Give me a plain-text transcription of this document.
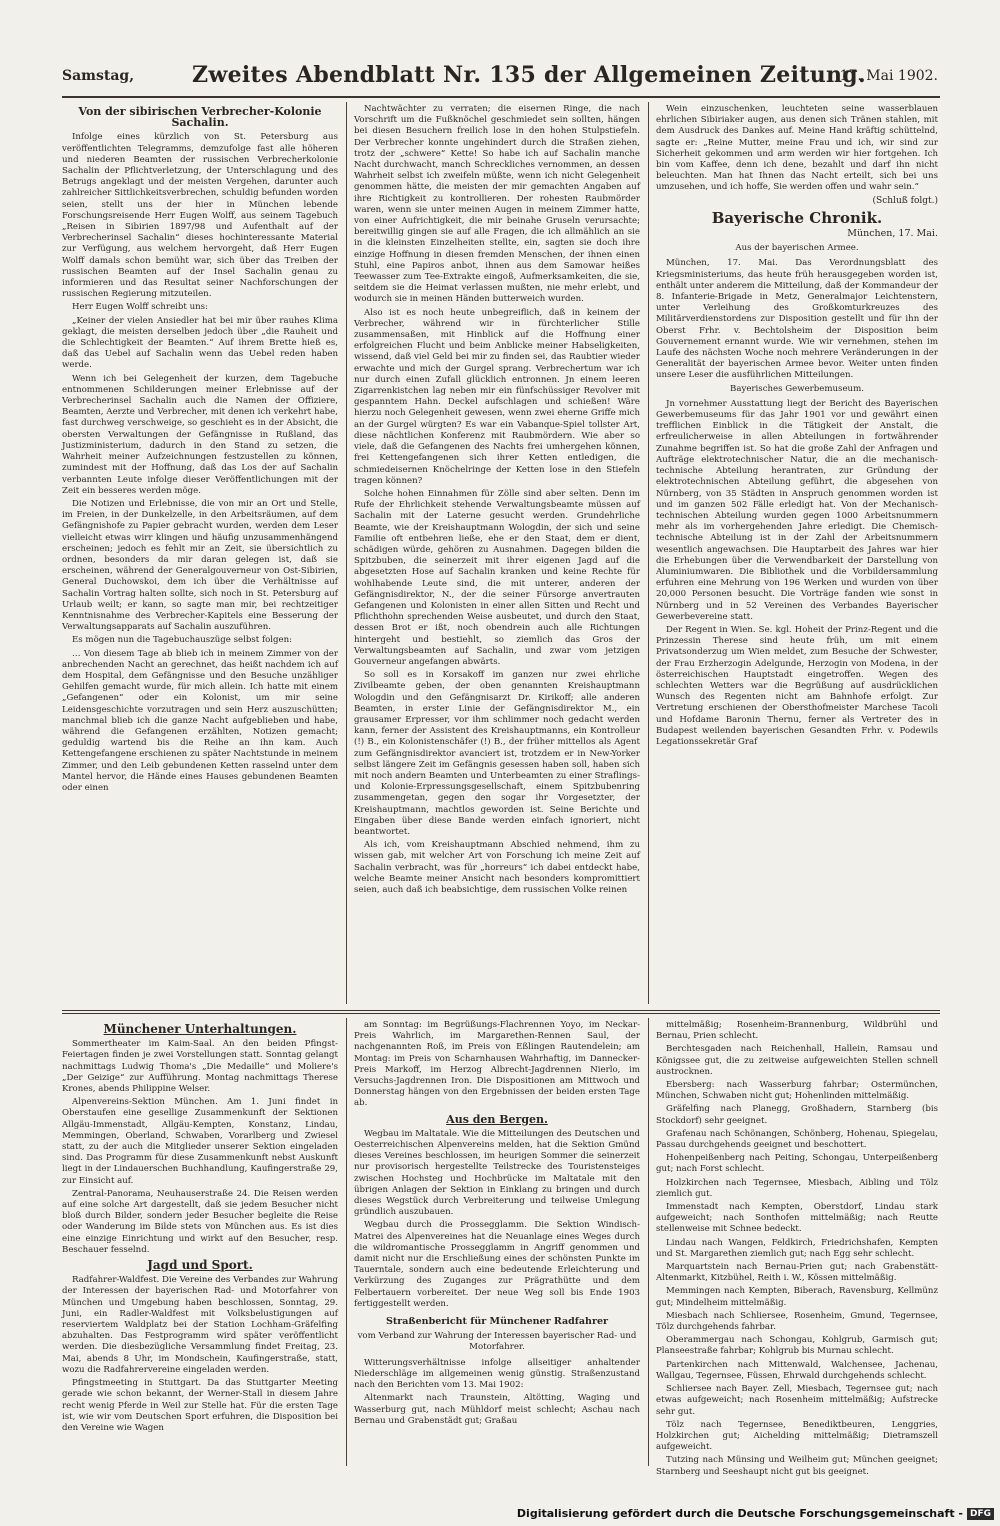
Samstag,	Zweites Abendblatt Nr. 135 der Allgemeinen Zeitung.
17. Mai 1902.
Von der sibirischen Verbrecher-Kolonie Sachalin.

Infolge eines kürzlich von St. Petersburg aus veröffentlichten Telegramms, demzufolge fast alle höheren und niederen Beamten der russischen Verbrecherkolonie Sachalin der Pflichtverletzung, der Unterschlagung und des Betrugs angeklagt und der meisten Vergehen, darunter auch zahlreicher Sittlichkeitsverbrechen, schuldig befunden worden seien, stellt uns der hier in München lebende Forschungsreisende Herr Eugen Wolff, aus seinem Tagebuch „Reisen in Sibirien 1897/98 und Aufenthalt auf der Verbrecherinsel Sachalin“ dieses hochinteressante Material zur Verfügung, aus welchem hervorgeht, daß Herr Eugen Wolff damals schon bemüht war, sich über das Treiben der russischen Beamten auf der Insel Sachalin genau zu informieren und das Resultat seiner Nachforschungen der russischen Regierung mitzuteilen.

Herr Eugen Wolff schreibt uns:

„Keiner der vielen Ansiedler hat bei mir über rauhes Klima geklagt, die meisten derselben jedoch über „die Rauheit und die Schlechtigkeit der Beamten.“ Auf ihrem Brette hieß es, daß das Uebel auf Sachalin wenn das Uebel reden haben werde.

Wenn ich bei Gelegenheit der kurzen, dem Tagebuche entnommenen Schilderungen meiner Erlebnisse auf der Verbrecherinsel Sachalin auch die Namen der Offiziere, Beamten, Aerzte und Verbrecher, mit denen ich verkehrt habe, fast durchweg verschweige, so geschieht es in der Absicht, die obersten Verwaltungen der Gefängnisse in Rußland, das Justizministerium, dadurch in den Stand zu setzen, die Wahrheit meiner Aufzeichnungen festzustellen zu können, zumindest mit der Hoffnung, daß das Los der auf Sachalin verbannten Leute infolge dieser Veröffentlichungen mit der Zeit ein besseres werden möge.

Die Notizen und Erlebnisse, die von mir an Ort und Stelle, im Freien, in der Dunkelzelle, in den Arbeitsräumen, auf dem Gefängnishofe zu Papier gebracht wurden, werden dem Leser vielleicht etwas wirr klingen und häufig unzusammenhängend erscheinen; jedoch es fehlt mir an Zeit, sie übersichtlich zu ordnen, besonders da mir daran gelegen ist, daß sie erscheinen, während der Generalgouverneur von Ost-Sibirien, General Duchowskoi, dem ich über die Verhältnisse auf Sachalin Vortrag halten sollte, sich noch in St. Petersburg auf Urlaub weilt; er kann, so sagte man mir, bei rechtzeitiger Kenntnisnahme des Verbrecher-Kapitels eine Besserung der Verwaltungsapparats auf Sachalin auszuführen.

Es mögen nun die Tagebuchauszüge selbst folgen:

… Von diesem Tage ab blieb ich in meinem Zimmer von der anbrechenden Nacht an gerechnet, das heißt nachdem ich auf dem Hospital, dem Gefängnisse und den Besuche unzähliger Gehilfen gemacht wurde, für mich allein. Ich hatte mit einem „Gefangenen“ oder ein Kolonist, um mir seine Leidensgeschichte vorzutragen und sein Herz auszuschütten; manchmal blieb ich die ganze Nacht aufgeblieben und habe, während die Gefangenen erzählten, Notizen gemacht; geduldig wartend bis die Reihe an ihn kam. Auch Kettengefangene erschienen zu später Nachtstunde in meinem Zimmer, und den Leib gebundenen Ketten rasselnd unter dem Mantel hervor, die Hände eines Hauses gebundenen Beamten oder einen

Nachtwächter zu verraten; die eisernen Ringe, die nach Vorschrift um die Fußknöchel geschmiedet sein sollten, hängen bei diesen Besuchern freilich lose in den hohen Stulpstiefeln. Der Verbrecher konnte ungehindert durch die Straßen ziehen, trotz der „schwere“ Kette! So habe ich auf Sachalin manche Nacht durchwacht, manch Schreckliches vernommen, an dessen Wahrheit selbst ich zweifeln müßte, wenn ich nicht Gelegenheit genommen hätte, die meisten der mir gemachten Angaben auf ihre Richtigkeit zu kontrollieren. Der rohesten Raubmörder waren, wenn sie unter meinen Augen in meinem Zimmer hatte, von einer Aufrichtigkeit, die mir beinahe Gruseln verursachte; bereitwillig gingen sie auf alle Fragen, die ich allmählich an sie in die kleinsten Einzelheiten stellte, ein, sagten sie doch ihre einzige Hoffnung in diesen fremden Menschen, der ihnen einen Stuhl, eine Papiros anbot, ihnen aus dem Samowar heißes Teewasser zum Tee-Extrakte eingoß, Aufmerksamkeiten, die sie, seitdem sie die Heimat verlassen mußten, nie mehr erlebt, und wodurch sie in meinen Händen butterweich wurden.

Also ist es noch heute unbegreiflich, daß in keinem der Verbrecher, während wir in fürchterlicher Stille zusammensaßen, mit Hinblick auf die Hoffnung einer erfolgreichen Flucht und beim Anblicke meiner Habseligkeiten, wissend, daß viel Geld bei mir zu finden sei, das Raubtier wieder erwachte und mich der Gurgel sprang. Verbrechertum war ich nur durch einen Zufall glücklich entronnen. Jn einem leeren Zigarrenkistchen lag neben mir ein fünfschüssiger Revolver mit gespanntem Hahn. Deckel aufschlagen und schießen! Wäre hierzu noch Gelegenheit gewesen, wenn zwei eherne Griffe mich an der Gurgel würgten? Es war ein Vabanque-Spiel tollster Art, diese nächtlichen Konferenz mit Raubmördern. Wie aber so viele, daß die Gefangenen des Nachts frei umhergehen können, frei Kettengefangenen sich ihrer Ketten entledigen, die schmiedeisernen Knöchelringe der Ketten lose in den Stiefeln tragen können?

Solche hohen Einnahmen für Zölle sind aber selten. Denn im Rufe der Ehrlichkeit stehende Verwaltungsbeamte müssen auf Sachalin mit der Laterne gesucht werden. Grundehrliche Beamte, wie der Kreishauptmann Wologdin, der sich und seine Familie oft entbehren ließe, ehe er den Staat, dem er dient, schädigen würde, gehören zu Ausnahmen. Dagegen bilden die Spitzbuben, die seinerzeit mit ihrer eigenen Jagd auf die abgesetzten Hose auf Sachalin kranken und keine Rechte für wohlhabende Leute sind, die mit unterer, anderen der Gefängnisdirektor, N., der die seiner Fürsorge anvertrauten Gefangenen und Kolonisten in einer allen Sitten und Recht und Pflichthohn sprechenden Weise ausbeutet, und durch den Staat, dessen Brot er ißt, noch obendrein auch alle Richtungen hintergeht und bestiehlt, so ziemlich das Gros der Verwaltungsbeamten auf Sachalin, und zwar vom jetzigen Gouverneur angefangen abwärts.

So soll es in Korsakoff im ganzen nur zwei ehrliche Zivilbeamte geben, der oben genannten Kreishauptmann Wologdin und den Gefängnisarzt Dr. Kirikoff; alle anderen Beamten, in erster Linie der Gefängnisdirektor M., ein grausamer Erpresser, vor ihm schlimmer noch gedacht werden kann, ferner der Assistent des Kreishauptmanns, ein Kontrolleur (!) B., ein Kolonistenschäfer (!) B., der früher mittellos als Agent zum Gefängnisdirektor avanciert ist, trotzdem er in New-Yorker selbst längere Zeit im Gefängnis gesessen haben soll, haben sich mit noch andern Beamten und Unterbeamten zu einer Straflings- und Kolonie-Erpressungsgesellschaft, einem Spitzbubenring zusammengetan, gegen den sogar ihr Vorgesetzter, der Kreishauptmann, machtlos geworden ist. Seine Berichte und Eingaben über diese Bande werden einfach ignoriert, nicht beantwortet.

Als ich, vom Kreishauptmann Abschied nehmend, ihm zu wissen gab, mit welcher Art von Forschung ich meine Zeit auf Sachalin verbracht, was für „horreurs“ ich dabei entdeckt habe, welche Beamte meiner Ansicht nach besonders kompromittiert seien, auch daß ich beabsichtige, dem russischen Volke reinen

Wein einzuschenken, leuchteten seine wasserblauen ehrlichen Sibiriaker augen, aus denen sich Tränen stahlen, mit dem Ausdruck des Dankes auf. Meine Hand kräftig schüttelnd, sagte er: „Reine Mutter, meine Frau und ich, wir sind zur Sicherheit gekommen und arm werden wir hier fortgehen. Ich bin vom Kaffee, denn ich dene, bezahlt und darf ihn nicht beleuchten. Man hat Ihnen das Nacht erteilt, sich bei uns umzusehen, und ich hoffe, Sie werden offen und wahr sein.“

(Schluß folgt.)
Bayerische Chronik.
München, 17. Mai.
Aus der bayerischen Armee.

München, 17. Mai. Das Verordnungsblatt des Kriegsministeriums, das heute früh herausgegeben worden ist, enthält unter anderem die Mitteilung, daß der Kommandeur der 8. Infanterie-Brigade in Metz, Generalmajor Leichtenstern, unter Verleihung des Großkomturkreuzes des Militärverdienstordens zur Disposition gestellt und für ihn der Oberst Frhr. v. Bechtolsheim der Disposition beim Gouvernement ernannt wurde. Wie wir vernehmen, stehen im Laufe des nächsten Woche noch mehrere Veränderungen in der Generalität der bayerischen Armee bevor. Weiter unten finden unsere Leser die ausführlichen Mitteilungen.

Bayerisches Gewerbemuseum.

Jn vornehmer Ausstattung liegt der Bericht des Bayerischen Gewerbemuseums für das Jahr 1901 vor und gewährt einen trefflichen Einblick in die Tätigkeit der Anstalt, die erfreulicherweise in allen Abteilungen in fortwährender Zunahme begriffen ist. So hat die große Zahl der Anfragen und Aufträge elektrotechnischer Natur, die an die mechanisch-technische Abteilung herantraten, zur Gründung der elektrotechnischen Abteilung geführt, die abgesehen von Nürnberg, von 35 Städten in Anspruch genommen worden ist und im ganzen 502 Fälle erledigt hat. Von der Mechanisch-technischen Abteilung wurden gegen 1000 Arbeitsnummern mehr als im vorhergehenden Jahre erledigt. Die Chemisch-technische Abteilung ist in der Zahl der Arbeitsnummern wesentlich angewachsen. Die Hauptarbeit des Jahres war hier die Erhebungen über die Verwendbarkeit der Darstellung von Aluminiumwaren. Die Bibliothek und die Vorbildersammlung erfuhren eine Mehrung von 196 Werken und wurden von über 20,000 Personen besucht. Die Vorträge fanden wie sonst in Nürnberg und in 52 Vereinen des Verbandes Bayerischer Gewerbevereine statt.

Der Regent in Wien. Se. kgl. Hoheit der Prinz-Regent und die Prinzessin Therese sind heute früh, um mit einem Privatsonderzug um Wien meldet, zum Besuche der Schwester, der Frau Erzherzogin Adelgunde, Herzogin von Modena, in der österreichischen Hauptstadt eingetroffen. Wegen des schlechten Wetters war die Begrüßung auf ausdrücklichen Wunsch des Regenten nicht am Bahnhofe erfolgt. Zur Vertretung erschienen der Obersthofmeister Marchese Tacoli und Hofdame Baronin Thernu, ferner als Vertreter des in Budapest weilenden bayerischen Gesandten Frhr. v. Podewils Legationssekretär Graf

Münchener Unterhaltungen.

Sommertheater im Kaim-Saal. An den beiden Pfingst-Feiertagen finden je zwei Vorstellungen statt. Sonntag gelangt nachmittags Ludwig Thoma's „Die Medaille“ und Moliere's „Der Geizige“ zur Aufführung. Montag nachmittags Therese Krones, abends Philippine Welser.

Alpenvereins-Sektion München. Am 1. Juni findet in Oberstaufen eine gesellige Zusammenkunft der Sektionen Allgäu-Immenstadt, Allgäu-Kempten, Konstanz, Lindau, Memmingen, Oberland, Schwaben, Vorarlberg und Zwiesel statt, zu der auch die Mitglieder unserer Sektion eingeladen sind. Das Programm für diese Zusammenkunft nebst Auskunft liegt in der Lindauerschen Buchhandlung, Kaufingerstraße 29, zur Einsicht auf.

Zentral-Panorama, Neuhauserstraße 24. Die Reisen werden auf eine solche Art dargestellt, daß sie jedem Besucher nicht bloß durch Bilder, sondern jeder Besucher begleite die Reise oder Wanderung im Bilde stets von München aus. Es ist dies eine einzige Einrichtung und wirkt auf den Besucher, resp. Beschauer fesselnd.

Jagd und Sport.

Radfahrer-Waldfest. Die Vereine des Verbandes zur Wahrung der Interessen der bayerischen Rad- und Motorfahrer von München und Umgebung haben beschlossen, Sonntag, 29. Juni, ein Radler-Waldfest mit Volksbelustigungen auf reserviertem Waldplatz bei der Station Lochham-Gräfelfing abzuhalten. Das Festprogramm wird später veröffentlicht werden. Die diesbezügliche Versammlung findet Freitag, 23. Mai, abends 8 Uhr, im Mondschein, Kaufingerstraße, statt, wozu die Radfahrervereine eingeladen werden.

Pfingstmeeting in Stuttgart. Da das Stuttgarter Meeting gerade wie schon bekannt, der Werner-Stall in diesem Jahre recht wenig Pferde in Weil zur Stelle hat. Für die ersten Tage ist, wie wir vom Deutschen Sport erfuhren, die Disposition bei den Vereine wie Wagen

am Sonntag: im Begrüßungs-Flachrennen Yoyo, im Neckar-Preis Wahrlich, im Margarethen-Rennen Saul, der nachgenannten Roß, im Preis von Eßlingen Rautendelein; am Montag: im Preis von Scharnhausen Wahrhaftig, im Dannecker-Preis Markoff, im Herzog Albrecht-Jagdrennen Nierlo, im Versuchs-Jagdrennen Iron. Die Dispositionen am Mittwoch und Donnerstag hängen von den Ergebnissen der beiden ersten Tage ab.

Aus den Bergen.

Wegbau im Maltatale. Wie die Mitteilungen des Deutschen und Oesterreichischen Alpenvereins melden, hat die Sektion Gmünd dieses Vereines beschlossen, im heurigen Sommer die seinerzeit nur provisorisch hergestellte Teilstrecke des Touristensteiges zwischen Hochsteg und Hochbrücke im Maltatale mit den übrigen Anlagen der Sektion in Einklang zu bringen und durch dieses Wegstück durch Verbreiterung und teilweise Umlegung gründlich auszubauen.

Wegbau durch die Prossegglamm. Die Sektion Windisch-Matrei des Alpenvereines hat die Neuanlage eines Weges durch die wildromantische Prossegglamm in Angriff genommen und damit nicht nur die Erschließung eines der schönsten Punkte im Tauerntale, sondern auch eine bedeutende Erleichterung und Verkürzung des Zuganges zur Prägrathütte und dem Felbertauern vorbereitet. Der neue Weg soll bis Ende 1903 fertiggestellt werden.

Straßenbericht für Münchener Radfahrer
vom Verband zur Wahrung der Interessen bayerischer Rad- und Motorfahrer.

Witterungsverhältnisse infolge allseitiger anhaltender Niederschläge im allgemeinen wenig günstig. Straßenzustand nach den Berichten vom 13. Mai 1902:

Altenmarkt nach Traunstein, Altötting, Waging und Wasserburg gut, nach Mühldorf meist schlecht; Aschau nach Bernau und Grabenstädt gut; Graßau

mittelmäßig; Rosenheim-Brannenburg, Wildbrühl und Bernau, Prien schlecht.

Berchtesgaden nach Reichenhall, Hallein, Ramsau und Königssee gut, die zu zeitweise aufgeweichten Stellen schnell austrocknen.

Ebersberg: nach Wasserburg fahrbar; Ostermünchen, München, Schwaben nicht gut; Hohenlinden mittelmäßig.

Gräfelfing nach Planegg, Großhadern, Starnberg (bis Stockdorf) sehr geeignet.

Grafenau nach Schönangen, Schönberg, Hohenau, Spiegelau, Passau durchgehends geeignet und beschottert.

Hohenpeißenberg nach Peiting, Schongau, Unterpeißenberg gut; nach Forst schlecht.

Holzkirchen nach Tegernsee, Miesbach, Aibling und Tölz ziemlich gut.

Immenstadt nach Kempten, Oberstdorf, Lindau stark aufgeweicht; nach Sonthofen mittelmäßig; nach Reutte stellenweise mit Schnee bedeckt.

Lindau nach Wangen, Feldkirch, Friedrichshafen, Kempten und St. Margarethen ziemlich gut; nach Egg sehr schlecht.

Marquartstein nach Bernau-Prien gut; nach Grabenstätt-Altenmarkt, Kitzbühel, Reith i. W., Kössen mittelmäßig.

Memmingen nach Kempten, Biberach, Ravensburg, Kellmünz gut; Mindelheim mittelmäßig.

Miesbach nach Schliersee, Rosenheim, Gmund, Tegernsee, Tölz durchgehends fahrbar.

Oberammergau nach Schongau, Kohlgrub, Garmisch gut; Planseestraße fahrbar; Kohlgrub bis Murnau schlecht.

Partenkirchen nach Mittenwald, Walchensee, Jachenau, Wallgau, Tegernsee, Füssen, Ehrwald durchgehends schlecht.

Schliersee nach Bayer. Zell, Miesbach, Tegernsee gut; nach etwas aufgeweicht; nach Rosenheim mittelmäßig; Aufstrecke sehr gut.

Tölz nach Tegernsee, Benediktbeuren, Lenggries, Holzkirchen gut; Aichelding mittelmäßig; Dietramszell aufgeweicht.

Tutzing nach Münsing und Weilheim gut; München geeignet; Starnberg und Seeshaupt nicht gut bis geeignet.

Digitalisierung gefördert durch die Deutsche Forschungsgemeinschaft - DFG
